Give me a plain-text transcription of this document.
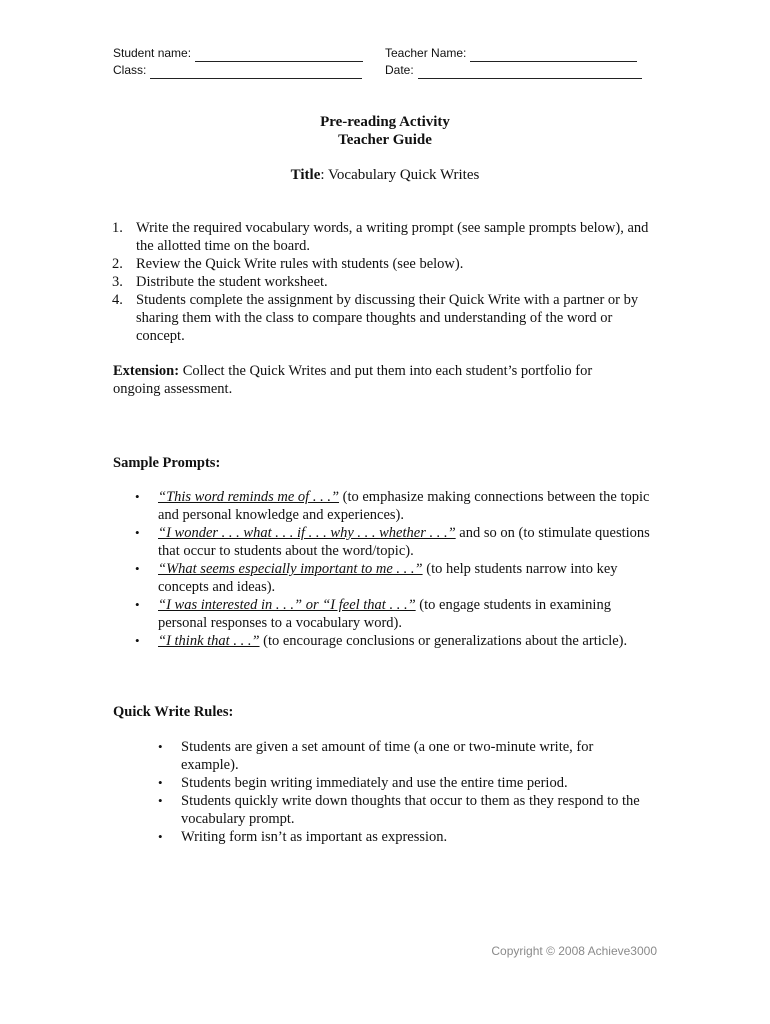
Student name:
Class:
Teacher Name:
Date:
Pre-reading Activity
Teacher Guide
Title: Vocabulary Quick Writes
1. Write the required vocabulary words, a writing prompt (see sample prompts below), and the allotted time on the board.
2. Review the Quick Write rules with students (see below).
3. Distribute the student worksheet.
4. Students complete the assignment by discussing their Quick Write with a partner or by sharing them with the class to compare thoughts and understanding of the word or concept.
Extension: Collect the Quick Writes and put them into each student’s portfolio for ongoing assessment.
Sample Prompts:
• “This word reminds me of . . .” (to emphasize making connections between the topic and personal knowledge and experiences).
• “I wonder . . . what . . . if . . . why . . . whether . . .” and so on (to stimulate questions that occur to students about the word/topic).
• “What seems especially important to me . . .” (to help students narrow into key concepts and ideas).
• “I was interested in . . .” or “I feel that . . .” (to engage students in examining personal responses to a vocabulary word).
• “I think that . . .” (to encourage conclusions or generalizations about the article).
Quick Write Rules:
• Students are given a set amount of time (a one or two-minute write, for example).
• Students begin writing immediately and use the entire time period.
• Students quickly write down thoughts that occur to them as they respond to the vocabulary prompt.
• Writing form isn’t as important as expression.
Copyright © 2008 Achieve3000
